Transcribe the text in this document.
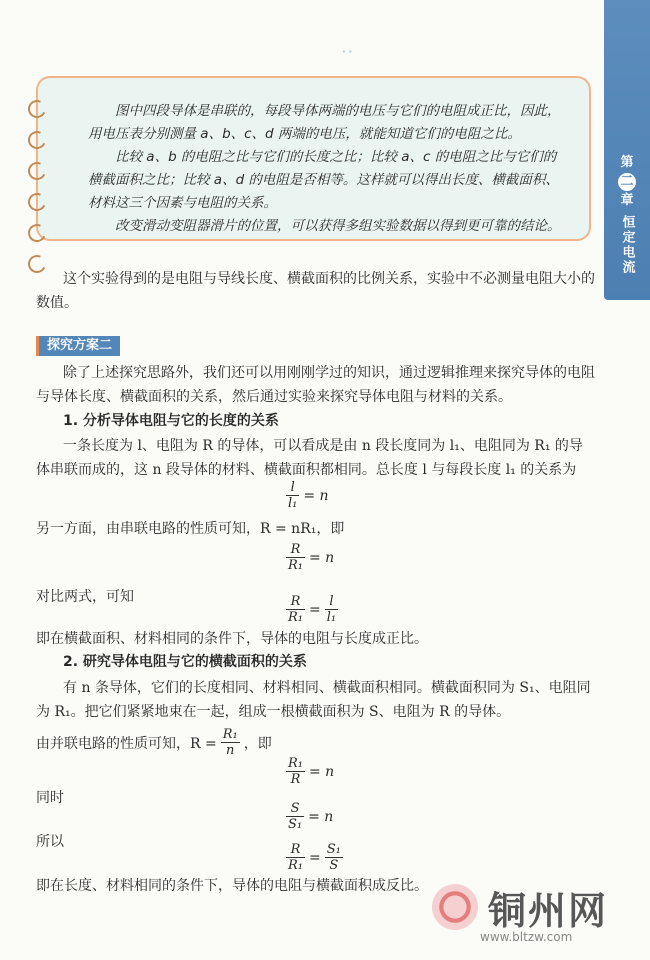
第
二
章
恒定电流
∙ ∙

图中四段导体是串联的，每段导体两端的电压与它们的电阻成正比，因此，用电压表分别测量 a、b、c、d 两端的电压，就能知道它们的电阻之比。

比较 a、b 的电阻之比与它们的长度之比；比较 a、c 的电阻之比与它们的横截面积之比；比较 a、d 的电阻是否相等。这样就可以得出长度、横截面积、材料这三个因素与电阻的关系。

改变滑动变阻器滑片的位置，可以获得多组实验数据以得到更可靠的结论。

这个实验得到的是电阻与导线长度、横截面积的比例关系，实验中不必测量电阻大小的数值。
探究方案二
除了上述探究思路外，我们还可以用刚刚学过的知识，通过逻辑推理来探究导体的电阻与导体长度、横截面积的关系，然后通过实验来探究导体电阻与材料的关系。
1. 分析导体电阻与它的长度的关系
一条长度为 l、电阻为 R 的导体，可以看成是由 n 段长度同为 l₁、电阻同为 R₁ 的导体串联而成的，这 n 段导体的材料、横截面积都相同。总长度 l 与每段长度 l₁ 的关系为
$\frac{l}{\text{l₁}} = n$
另一方面，由串联电路的性质可知，R = nR₁，即
$\frac{R}{\text{R₁}} = n$
对比两式，可知	$\frac{R}{\text{R₁}} = \frac{l}{\text{l₁}}$
即在横截面积、材料相同的条件下，导体的电阻与长度成正比。
2. 研究导体电阻与它的横截面积的关系
有 n 条导体，它们的长度相同、材料相同、横截面积相同。横截面积同为 S₁、电阻同为 R₁。把它们紧紧地束在一起，组成一根横截面积为 S、电阻为 R 的导体。
由并联电路的性质可知，$R = \frac{\text{R₁}}{n}$ ，即
$\frac{\text{R₁}}{R} = n$
同时
$\frac{S}{\text{S₁}} = n$
所以	$\frac{R}{\text{R₁}} = \frac{\text{S₁}}{S}$
即在长度、材料相同的条件下，导体的电阻与横截面积成反比。
铜州网
www.bltzw.com
